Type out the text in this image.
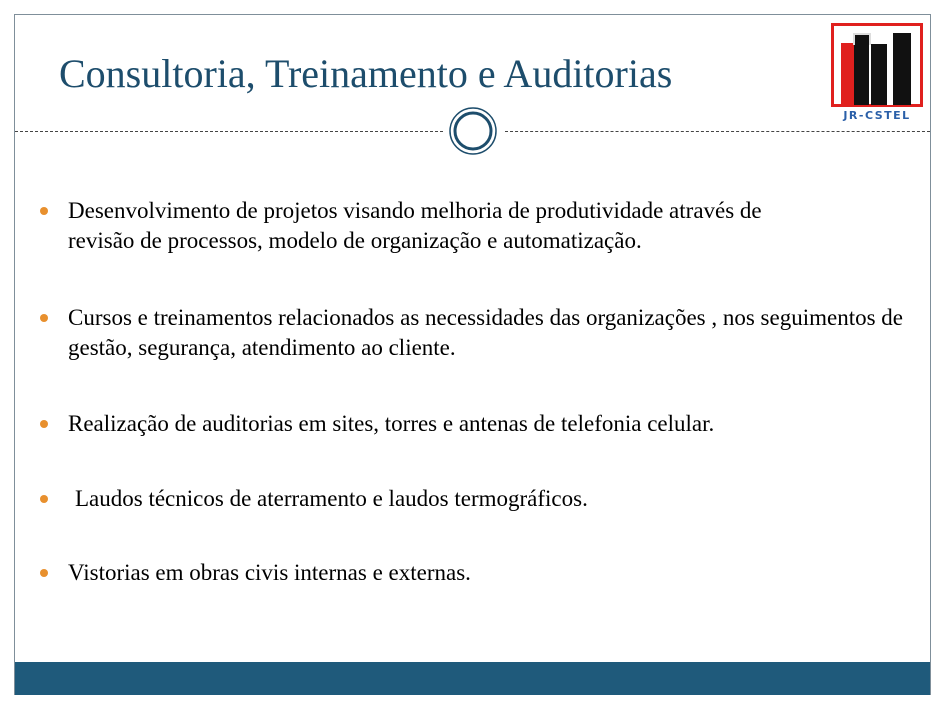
Consultoria, Treinamento e Auditorias
JR-CSTEL
Desenvolvimento de projetos visando melhoria de produtividade através de revisão de processos, modelo de organização e automatização.
Cursos e treinamentos relacionados as necessidades das organizações , nos seguimentos de gestão, segurança, atendimento ao cliente.
Realização de auditorias em sites, torres e antenas de telefonia celular.
Laudos técnicos de aterramento e laudos termográficos.
Vistorias em obras civis internas e externas.
